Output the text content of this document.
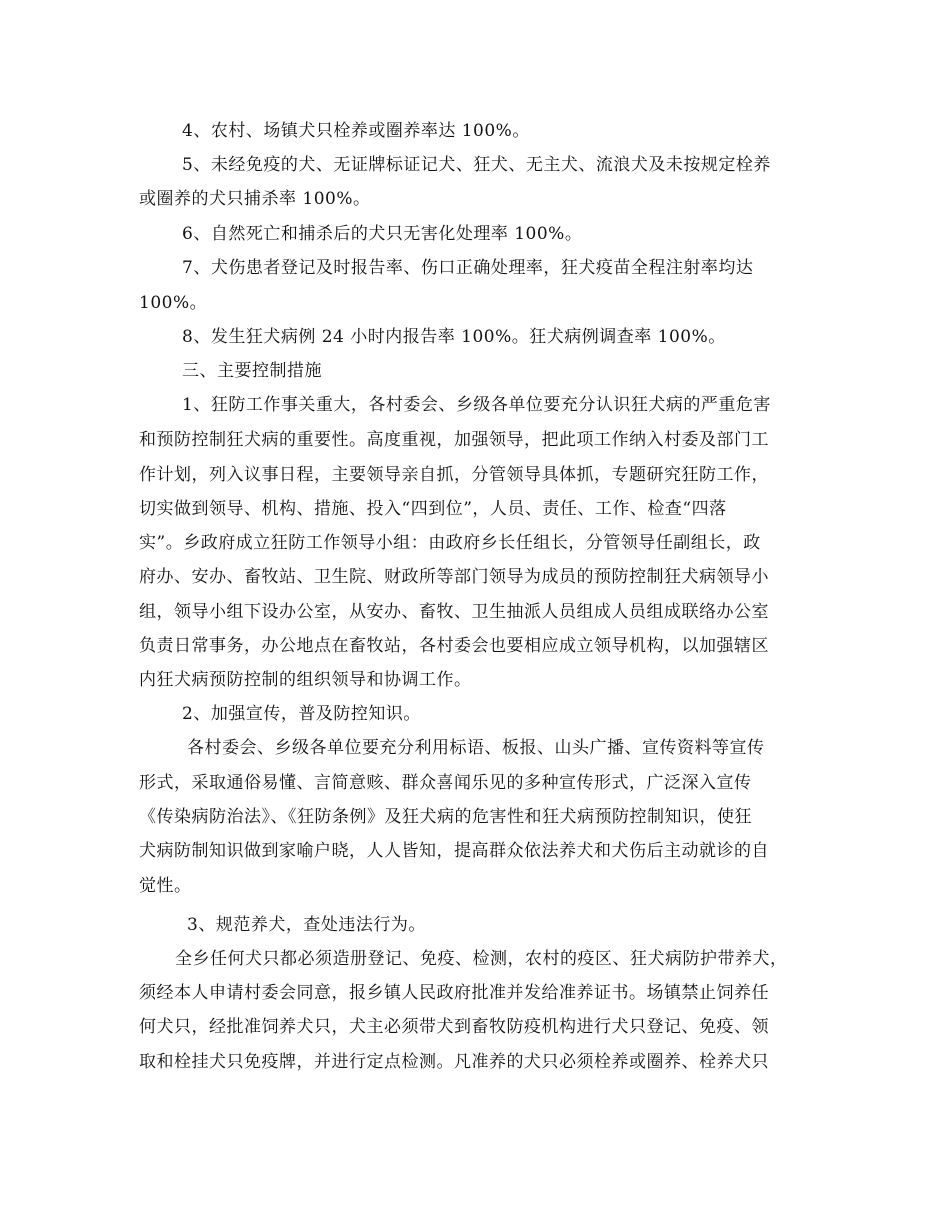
4、农村、场镇犬只栓养或圈养率达 100%。
5、未经免疫的犬、无证牌标证记犬、狂犬、无主犬、流浪犬及未按规定栓养
或圈养的犬只捕杀率 100%。
6、自然死亡和捕杀后的犬只无害化处理率 100%。
7、犬伤患者登记及时报告率、伤口正确处理率，狂犬疫苗全程注射率均达
100%。
8、发生狂犬病例 24 小时内报告率 100%。狂犬病例调查率 100%。
三、主要控制措施
1、狂防工作事关重大，各村委会、乡级各单位要充分认识狂犬病的严重危害
和预防控制狂犬病的重要性。高度重视，加强领导，把此项工作纳入村委及部门工
作计划，列入议事日程，主要领导亲自抓，分管领导具体抓，专题研究狂防工作，
切实做到领导、机构、措施、投入“四到位”，人员、责任、工作、检查“四落
实”。乡政府成立狂防工作领导小组：由政府乡长任组长，分管领导任副组长，政
府办、安办、畜牧站、卫生院、财政所等部门领导为成员的预防控制狂犬病领导小
组，领导小组下设办公室，从安办、畜牧、卫生抽派人员组成人员组成联络办公室
负责日常事务，办公地点在畜牧站，各村委会也要相应成立领导机构，以加强辖区
内狂犬病预防控制的组织领导和协调工作。
2、加强宣传，普及防控知识。
各村委会、乡级各单位要充分利用标语、板报、山头广播、宣传资料等宣传
形式，采取通俗易懂、言简意赅、群众喜闻乐见的多种宣传形式，广泛深入宣传
《传染病防治法》、《狂防条例》及狂犬病的危害性和狂犬病预防控制知识，使狂
犬病防制知识做到家喻户晓，人人皆知，提高群众依法养犬和犬伤后主动就诊的自
觉性。
3、规范养犬，查处违法行为。
全乡任何犬只都必须造册登记、免疫、检测，农村的疫区、狂犬病防护带养犬，
须经本人申请村委会同意，报乡镇人民政府批准并发给准养证书。场镇禁止饲养任
何犬只，经批准饲养犬只，犬主必须带犬到畜牧防疫机构进行犬只登记、免疫、领
取和栓挂犬只免疫牌，并进行定点检测。凡准养的犬只必须栓养或圈养、栓养犬只
